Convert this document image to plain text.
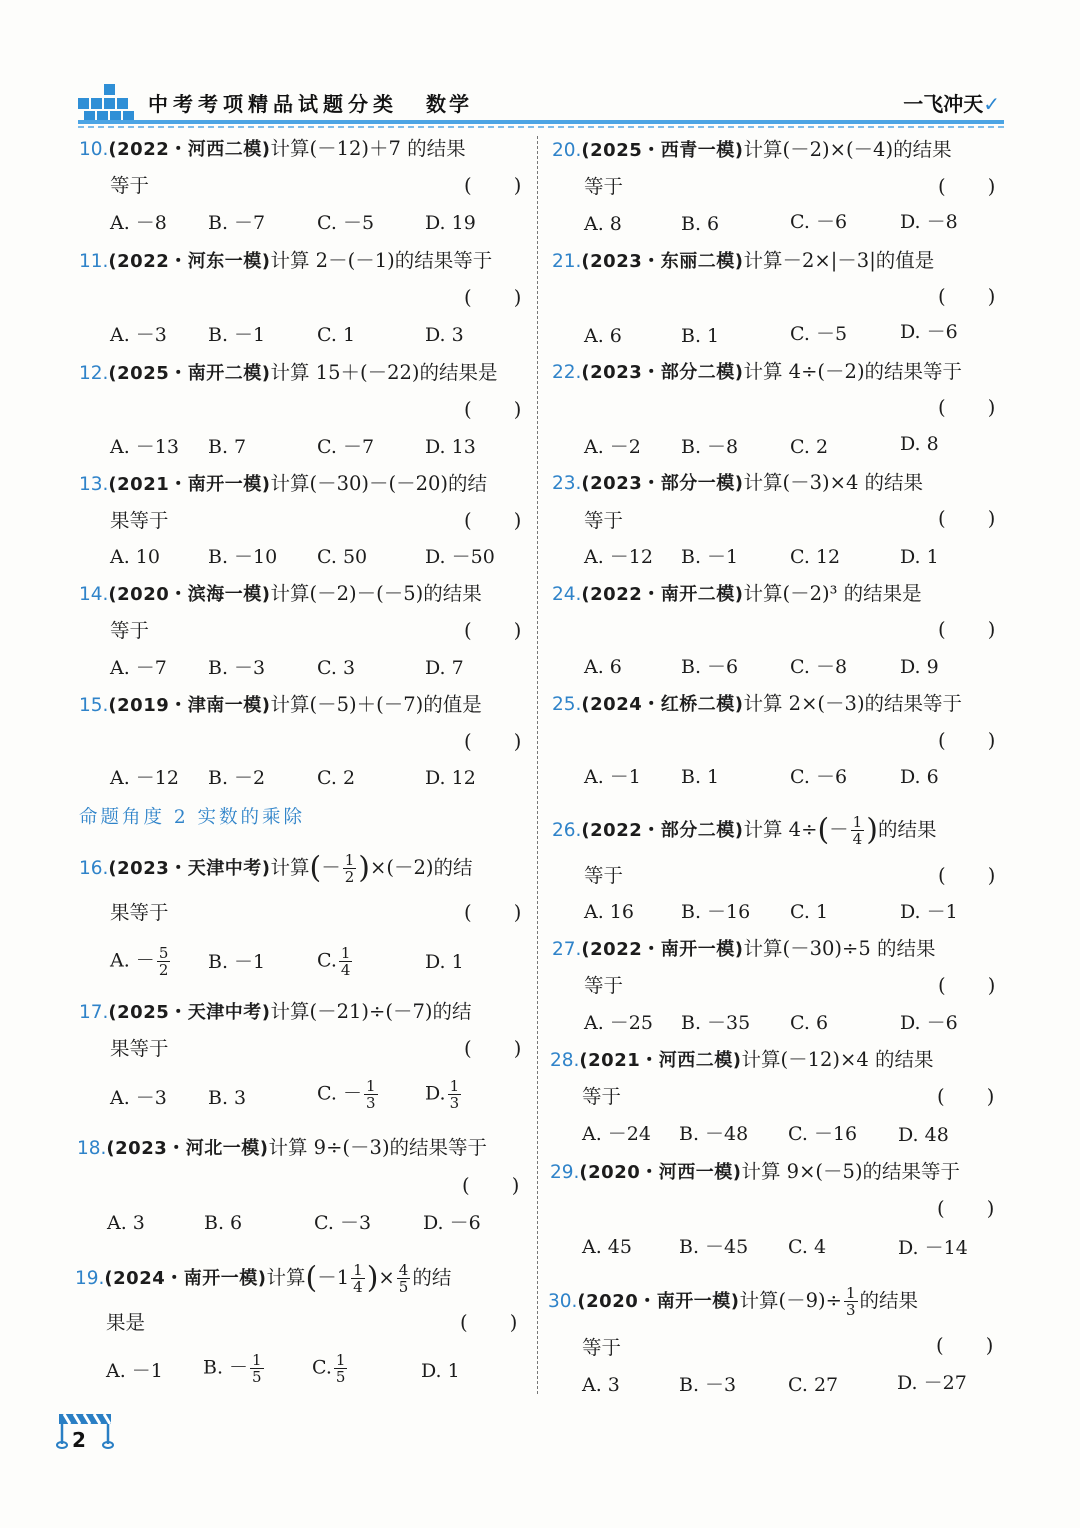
中考考项精品试题分类 数学	一飞冲天✓
10.(2022・河西二模)计算(－12)＋7 的结果
等于	( )
A. －8 B. －7	C. －5	D. 19
11.(2022・河东一模)计算 2－(－1)的结果等于
( )
A. －3 B. －1	C. 1	D. 3
12.(2025・南开二模)计算 15＋(－22)的结果是
( )
A. －13 B. 7	C. －7	D. 13
13.(2021・南开一模)计算(－30)－(－20)的结
果等于	( )
A. 10	B. －10 C. 50	D. －50
14.(2020・滨海一模)计算(－2)－(－5)的结果
等于	( )
A. －7 B. －3	C. 3	D. 7
15.(2019・津南一模)计算(－5)＋(－7)的值是
( )
A. －12 B. －2	C. 2	D. 12
命题角度 2 实数的乘除
16.(2023・天津中考)计算(－ $\frac{1}{2} )\times(-2)$的结
果等于	( )
A. － $\frac{5}{2} B$. －1	C. $\frac{1}{4}$	D. 1
17.(2025・天津中考)计算(－21)÷(－7)的结
果等于	( )
A. －3 B. 3	C. － $\frac{1}{3}$	D. $\frac{1}{3}$
18.(2023・河北一模)计算 9÷(－3)的结果等于
( )
A. 3	B. 6	C. －3	D. －6
19.(2024・南开一模)计算($-1 \frac{1}{4}$ )× $\frac{4}{5}$ 的结
果是	( )
A. －1 B. － $\frac{1}{5}$	C. $\frac{1}{5}$	D. 1
20.(2025・西青一模)计算(－2)×(－4)的结果
等于	( )
A. 8	B. 6	C. －6	D. －8
21.(2023・东丽二模)计算－2×|－3|的值是
( )
A. 6	B. 1	C. －5	D. －6
22.(2023・部分二模)计算 4÷(－2)的结果等于
( )
A. －2 B. －8	C. 2	D. 8
23.(2023・部分一模)计算(－3)×4 的结果
等于	( )
A. －12 B. －1	C. 12	D. 1
24.(2022・南开二模)计算(－2)³ 的结果是
( )
A. 6	B. －6	C. －8	D. 9
25.(2024・红桥二模)计算 2×(－3)的结果等于
( )
A. －1 B. 1	C. －6	D. 6
26.(2022・部分二模)计算 $4\div(- \frac{1}{4}$ )的结果
等于	( )
A. 16 B. －16 C. 1	D. －1
27.(2022・南开一模)计算(－30)÷5 的结果
等于	( )
A. －25 B. －35 C. 6	D. －6
28.(2021・河西二模)计算(－12)×4 的结果
等于	( )
A. －24 B. －48 C. －16 D. 48
29.(2020・河西一模)计算 9×(－5)的结果等于
( )
A. 45 B. －45 C. 4	D. －14
30.(2020・南开一模)计算$(-9)\div \frac{1}{3}$ 的结果
等于	( )
A. 3	B. －3	C. 27	D. －27
2
